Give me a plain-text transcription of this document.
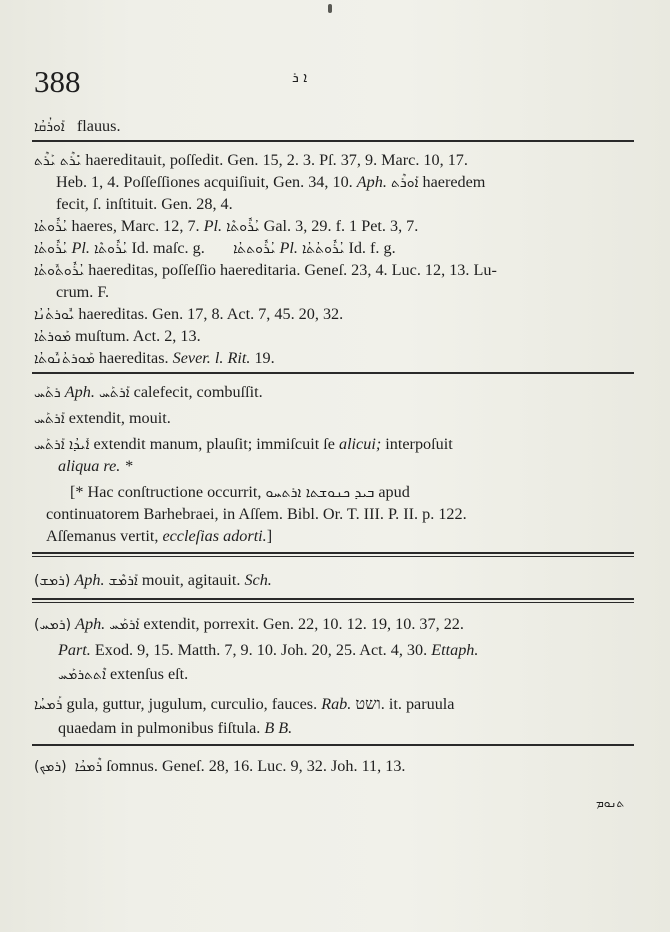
388	ܐ ܪ
ܐܰܘܪܳܩܳܐ flauus.
ܝܺܪܶܬ ܝܰܪܶܬ haereditauit, poſſedit. Gen. 15, 2. 3. Pſ. 37, 9. Marc. 10, 17.
Heb. 1, 4. Poſſeſſiones acquiſiuit, Gen. 34, 10. Aph. ܐܰܘܪܶܬ haeredem
fecit, ſ. inſtituit. Gen. 28, 4.
ܝܳܪܽܘܬܳܐ haeres, Marc. 12, 7. Pl. ܝܳܪܽܘܬܶܐ Gal. 3, 29. f. 1 Pet. 3, 7.
ܝܳܪܽܘܬܳܐ Pl. ܝܳܪܽܘܬܶܐ Id. maſc. g. ܝܳܪܽܘܬܬܳܐ Pl. ܝܳܪܽܘܬܳܬܳܐ Id. f. g.
ܝܳܪܽܘܬܽܘܬܳܐ haereditas, poſſeſſio haereditaria. Geneſ. 23, 4. Luc. 12, 13. Lu-
crum. F.
ܝܽܘܪܬܳܢܳܐ haereditas. Gen. 17, 8. Act. 7, 45. 20, 32.
ܡܰܘܪܬܳܐ muſtum. Act. 2, 13.
ܡܰܘܪܬܳܢܽܘܬܳܐ haereditas. Sever. l. Rit. 19.
ܪܬܰܚ Aph. ܐܰܪܬܰܚ calefecit, combuſſit.
ܐܰܪܬܰܚ extendit, mouit.
ܐܺܝܕܳܐ ܐܰܪܬܰܚ extendit manum, plauſit; immiſcuit ſe alicui; interpoſuit
aliqua re. *
[* Hac conſtructione occurrit, ܒܝܕ ܟܢܘܫܬܐ ܐܪܬܚܘ apud
continuatorem Barhebraei, in Aſſem. Bibl. Or. T. III. P. II. p. 122.
Aſſemanus vertit, eccleſias adorti.]
(ܪܡܫ) Aph. ܐܰܪܡܶܫ mouit, agitauit. Sch.
(ܪܡܚ) Aph. ܐܰܪܡܰܚ extendit, porrexit. Gen. 22, 10. 12. 19, 10. 37, 22.
Part. Exod. 9, 15. Matth. 7, 9. 10. Joh. 20, 25. Act. 4, 30. Ettaph.
ܐܶܬܬܪܡܰܚ extenſus eſt.
ܪܰܡܚܳܐ gula, guttur, jugulum, curculio, fauces. Rab. ושט. it. paruula
quaedam in pulmonibus fiſtula. B B.
(ܪܡܟ) ܪܶܡܟܳܐ ſomnus. Geneſ. 28, 16. Luc. 9, 32. Joh. 11, 13.
ܬܢܘܡ
